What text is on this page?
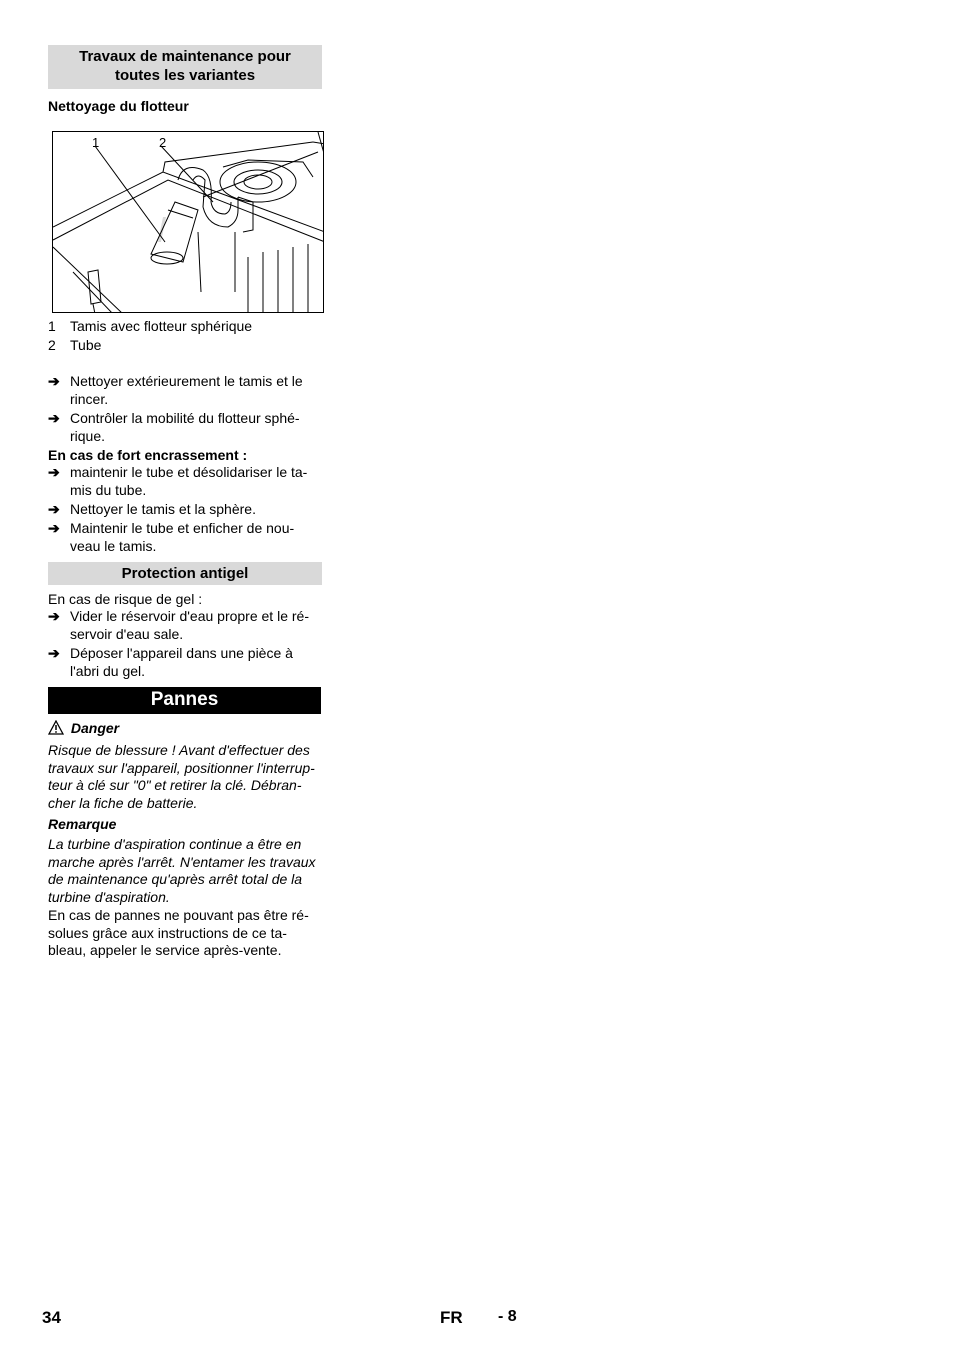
Travaux de maintenance pour
toutes les variantes
Nettoyage du flotteur
1	2
1 Tamis avec flotteur sphérique
2 Tube
➔ Nettoyer extérieurement le tamis et le
rincer.
➔ Contrôler la mobilité du flotteur sphé-
rique.
En cas de fort encrassement :
➔ maintenir le tube et désolidariser le ta-
mis du tube.
➔ Nettoyer le tamis et la sphère.
➔ Maintenir le tube et enficher de nou-
veau le tamis.
Protection antigel
En cas de risque de gel :
➔ Vider le réservoir d'eau propre et le ré-
servoir d'eau sale.
➔ Déposer l'appareil dans une pièce à
l'abri du gel.
Pannes
Danger
Risque de blessure ! Avant d'effectuer des
travaux sur l'appareil, positionner l'interrup-
teur à clé sur "0" et retirer la clé. Débran-
cher la fiche de batterie.
Remarque
La turbine d'aspiration continue a être en
marche après l'arrêt. N'entamer les travaux
de maintenance qu'après arrêt total de la
turbine d'aspiration.
En cas de pannes ne pouvant pas être ré-
solues grâce aux instructions de ce ta-
bleau, appeler le service après-vente.
34	FR - 8
